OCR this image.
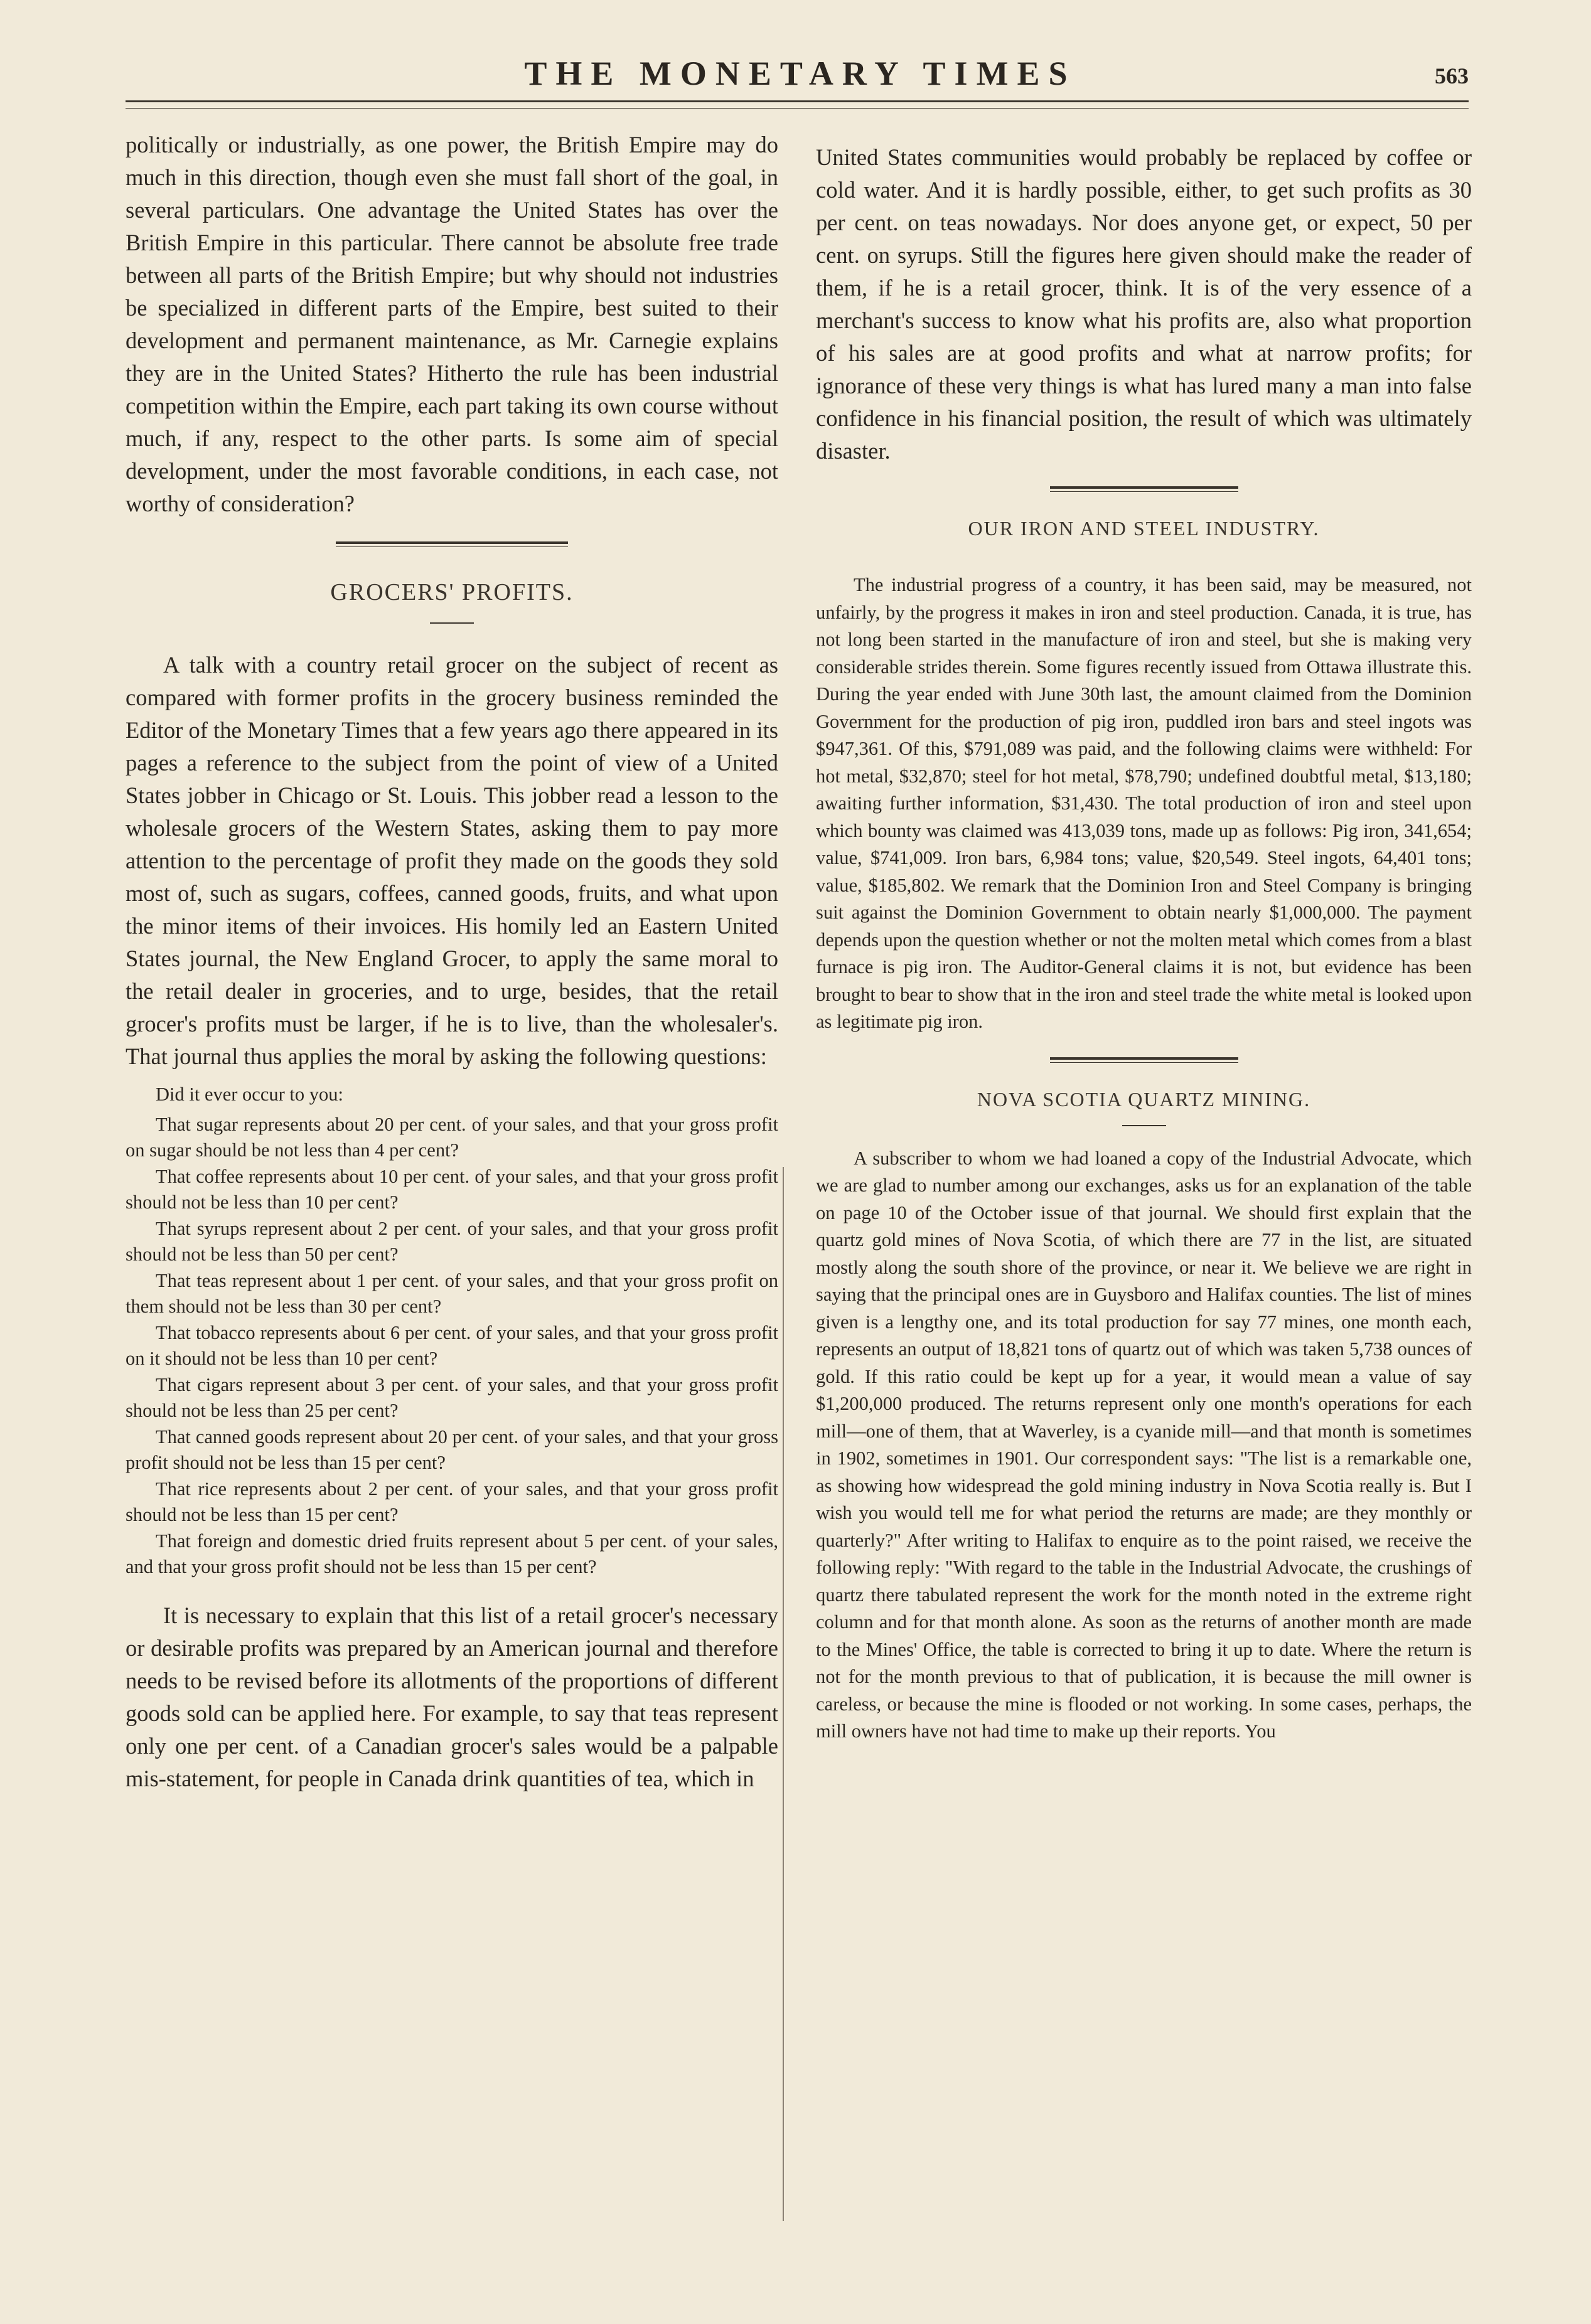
THE MONETARY TIMES	563

politically or industrially, as one power, the British Empire may do much in this direction, though even she must fall short of the goal, in several particulars. One advantage the United States has over the British Empire in this particular. There cannot be absolute free trade between all parts of the British Empire; but why should not industries be specialized in different parts of the Empire, best suited to their development and permanent maintenance, as Mr. Carnegie explains they are in the United States? Hitherto the rule has been industrial competition within the Empire, each part taking its own course without much, if any, respect to the other parts. Is some aim of special development, under the most favorable conditions, in each case, not worthy of consideration?

GROCERS' PROFITS.

A talk with a country retail grocer on the subject of recent as compared with former profits in the grocery business reminded the Editor of the Monetary Times that a few years ago there appeared in its pages a reference to the subject from the point of view of a United States jobber in Chicago or St. Louis. This jobber read a lesson to the wholesale grocers of the Western States, asking them to pay more attention to the percentage of profit they made on the goods they sold most of, such as sugars, coffees, canned goods, fruits, and what upon the minor items of their invoices. His homily led an Eastern United States journal, the New England Grocer, to apply the same moral to the retail dealer in groceries, and to urge, besides, that the retail grocer's profits must be larger, if he is to live, than the wholesaler's. That journal thus applies the moral by asking the following questions:

Did it ever occur to you:

That sugar represents about 20 per cent. of your sales, and that your gross profit on sugar should be not less than 4 per cent?

That coffee represents about 10 per cent. of your sales, and that your gross profit should not be less than 10 per cent?

That syrups represent about 2 per cent. of your sales, and that your gross profit should not be less than 50 per cent?

That teas represent about 1 per cent. of your sales, and that your gross profit on them should not be less than 30 per cent?

That tobacco represents about 6 per cent. of your sales, and that your gross profit on it should not be less than 10 per cent?

That cigars represent about 3 per cent. of your sales, and that your gross profit should not be less than 25 per cent?

That canned goods represent about 20 per cent. of your sales, and that your gross profit should not be less than 15 per cent?

That rice represents about 2 per cent. of your sales, and that your gross profit should not be less than 15 per cent?

That foreign and domestic dried fruits represent about 5 per cent. of your sales, and that your gross profit should not be less than 15 per cent?

It is necessary to explain that this list of a retail grocer's necessary or desirable profits was prepared by an American journal and therefore needs to be revised before its allotments of the proportions of different goods sold can be applied here. For example, to say that teas represent only one per cent. of a Canadian grocer's sales would be a palpable mis-statement, for people in Canada drink quantities of tea, which in

United States communities would probably be replaced by coffee or cold water. And it is hardly possible, either, to get such profits as 30 per cent. on teas nowadays. Nor does anyone get, or expect, 50 per cent. on syrups. Still the figures here given should make the reader of them, if he is a retail grocer, think. It is of the very essence of a merchant's success to know what his profits are, also what proportion of his sales are at good profits and what at narrow profits; for ignorance of these very things is what has lured many a man into false confidence in his financial position, the result of which was ultimately disaster.

OUR IRON AND STEEL INDUSTRY.

The industrial progress of a country, it has been said, may be measured, not unfairly, by the progress it makes in iron and steel production. Canada, it is true, has not long been started in the manufacture of iron and steel, but she is making very considerable strides therein. Some figures recently issued from Ottawa illustrate this. During the year ended with June 30th last, the amount claimed from the Dominion Government for the production of pig iron, puddled iron bars and steel ingots was $947,361. Of this, $791,089 was paid, and the following claims were withheld: For hot metal, $32,870; steel for hot metal, $78,790; undefined doubtful metal, $13,180; awaiting further information, $31,430. The total production of iron and steel upon which bounty was claimed was 413,039 tons, made up as follows: Pig iron, 341,654; value, $741,009. Iron bars, 6,984 tons; value, $20,549. Steel ingots, 64,401 tons; value, $185,802. We remark that the Dominion Iron and Steel Company is bringing suit against the Dominion Government to obtain nearly $1,000,000. The payment depends upon the question whether or not the molten metal which comes from a blast furnace is pig iron. The Auditor-General claims it is not, but evidence has been brought to bear to show that in the iron and steel trade the white metal is looked upon as legitimate pig iron.

NOVA SCOTIA QUARTZ MINING.

A subscriber to whom we had loaned a copy of the Industrial Advocate, which we are glad to number among our exchanges, asks us for an explanation of the table on page 10 of the October issue of that journal. We should first explain that the quartz gold mines of Nova Scotia, of which there are 77 in the list, are situated mostly along the south shore of the province, or near it. We believe we are right in saying that the principal ones are in Guysboro and Halifax counties. The list of mines given is a lengthy one, and its total production for say 77 mines, one month each, represents an output of 18,821 tons of quartz out of which was taken 5,738 ounces of gold. If this ratio could be kept up for a year, it would mean a value of say $1,200,000 produced. The returns represent only one month's operations for each mill—one of them, that at Waverley, is a cyanide mill—and that month is sometimes in 1902, sometimes in 1901. Our correspondent says: "The list is a remarkable one, as showing how widespread the gold mining industry in Nova Scotia really is. But I wish you would tell me for what period the returns are made; are they monthly or quarterly?" After writing to Halifax to enquire as to the point raised, we receive the following reply: "With regard to the table in the Industrial Advocate, the crushings of quartz there tabulated represent the work for the month noted in the extreme right column and for that month alone. As soon as the returns of another month are made to the Mines' Office, the table is corrected to bring it up to date. Where the return is not for the month previous to that of publication, it is because the mill owner is careless, or because the mine is flooded or not working. In some cases, perhaps, the mill owners have not had time to make up their reports. You
